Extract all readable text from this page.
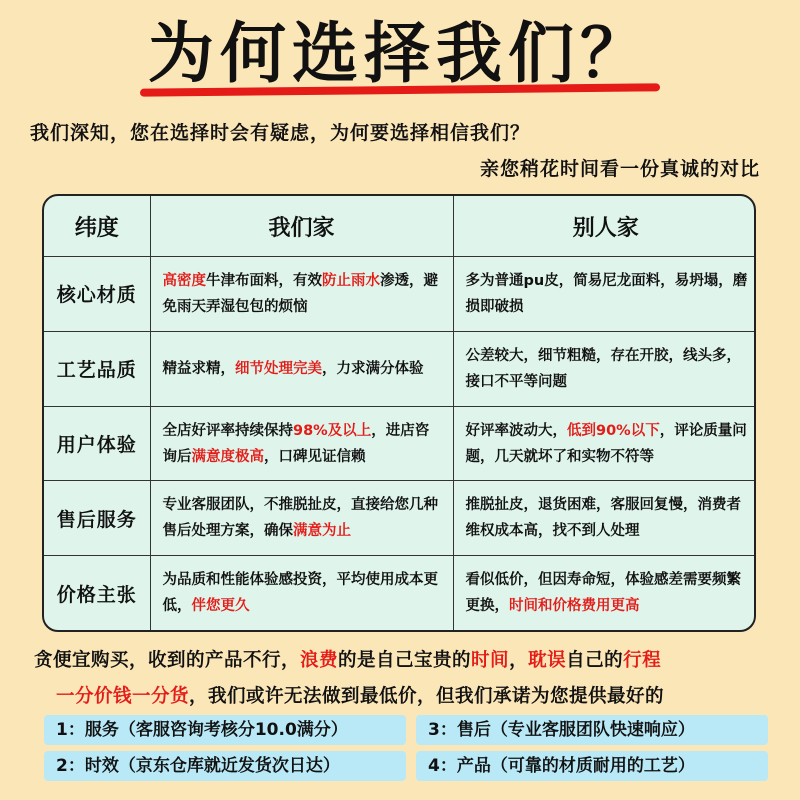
为何选择我们？
我们深知，您在选择时会有疑虑，为何要选择相信我们？
亲您稍花时间看一份真诚的对比
纬度	我们家	别人家
核心材质	高密度牛津布面料，有效防止雨水渗透，避免雨天弄湿包包的烦恼	多为普通pu皮，简易尼龙面料，易坍塌，磨损即破损
工艺品质	精益求精，细节处理完美，力求满分体验	公差较大，细节粗糙，存在开胶，线头多，接口不平等问题
用户体验	全店好评率持续保持98%及以上，进店咨询后满意度极高，口碑见证信赖	好评率波动大，低到90%以下，评论质量问题，几天就坏了和实物不符等
售后服务	专业客服团队，不推脱扯皮，直接给您几种售后处理方案，确保满意为止	推脱扯皮，退货困难，客服回复慢，消费者维权成本高，找不到人处理
价格主张	为品质和性能体验感投资，平均使用成本更低，伴您更久	看似低价，但因寿命短，体验感差需要频繁更换，时间和价格费用更高
贪便宜购买，收到的产品不行，浪费的是自己宝贵的时间，耽误自己的行程
一分价钱一分货，我们或许无法做到最低价，但我们承诺为您提供最好的
1：服务（客服咨询考核分10.0满分）	3：售后（专业客服团队快速响应）
2：时效（京东仓库就近发货次日达）	4：产品（可靠的材质耐用的工艺）
